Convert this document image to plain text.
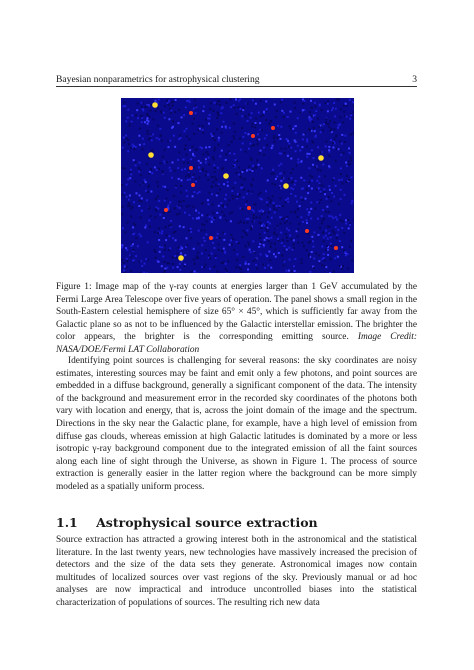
Bayesian nonparametrics for astrophysical clustering	3
Figure 1: Image map of the γ-ray counts at energies larger than 1 GeV accumulated by the Fermi Large Area Telescope over five years of operation. The panel shows a small region in the South-Eastern celestial hemisphere of size 65° × 45°, which is sufficiently far away from the Galactic plane so as not to be influenced by the Galactic interstellar emission. The brighter the color appears, the brighter is the corresponding emitting source. Image Credit: NASA/DOE/Fermi LAT Collaboration
Identifying point sources is challenging for several reasons: the sky coordinates are noisy estimates, interesting sources may be faint and emit only a few photons, and point sources are embedded in a diffuse background, generally a significant component of the data. The intensity of the background and measurement error in the recorded sky coordinates of the photons both vary with location and energy, that is, across the joint domain of the image and the spectrum. Directions in the sky near the Galactic plane, for example, have a high level of emission from diffuse gas clouds, whereas emission at high Galactic latitudes is dominated by a more or less isotropic γ-ray background component due to the integrated emission of all the faint sources along each line of sight through the Universe, as shown in Figure 1. The process of source extraction is generally easier in the latter region where the background can be more simply modeled as a spatially uniform process.
1.1 Astrophysical source extraction
Source extraction has attracted a growing interest both in the astronomical and the statistical literature. In the last twenty years, new technologies have massively increased the precision of detectors and the size of the data sets they generate. Astronomical images now contain multitudes of localized sources over vast regions of the sky. Previously manual or ad hoc analyses are now impractical and introduce uncontrolled biases into the statistical characterization of populations of sources. The resulting rich new data
